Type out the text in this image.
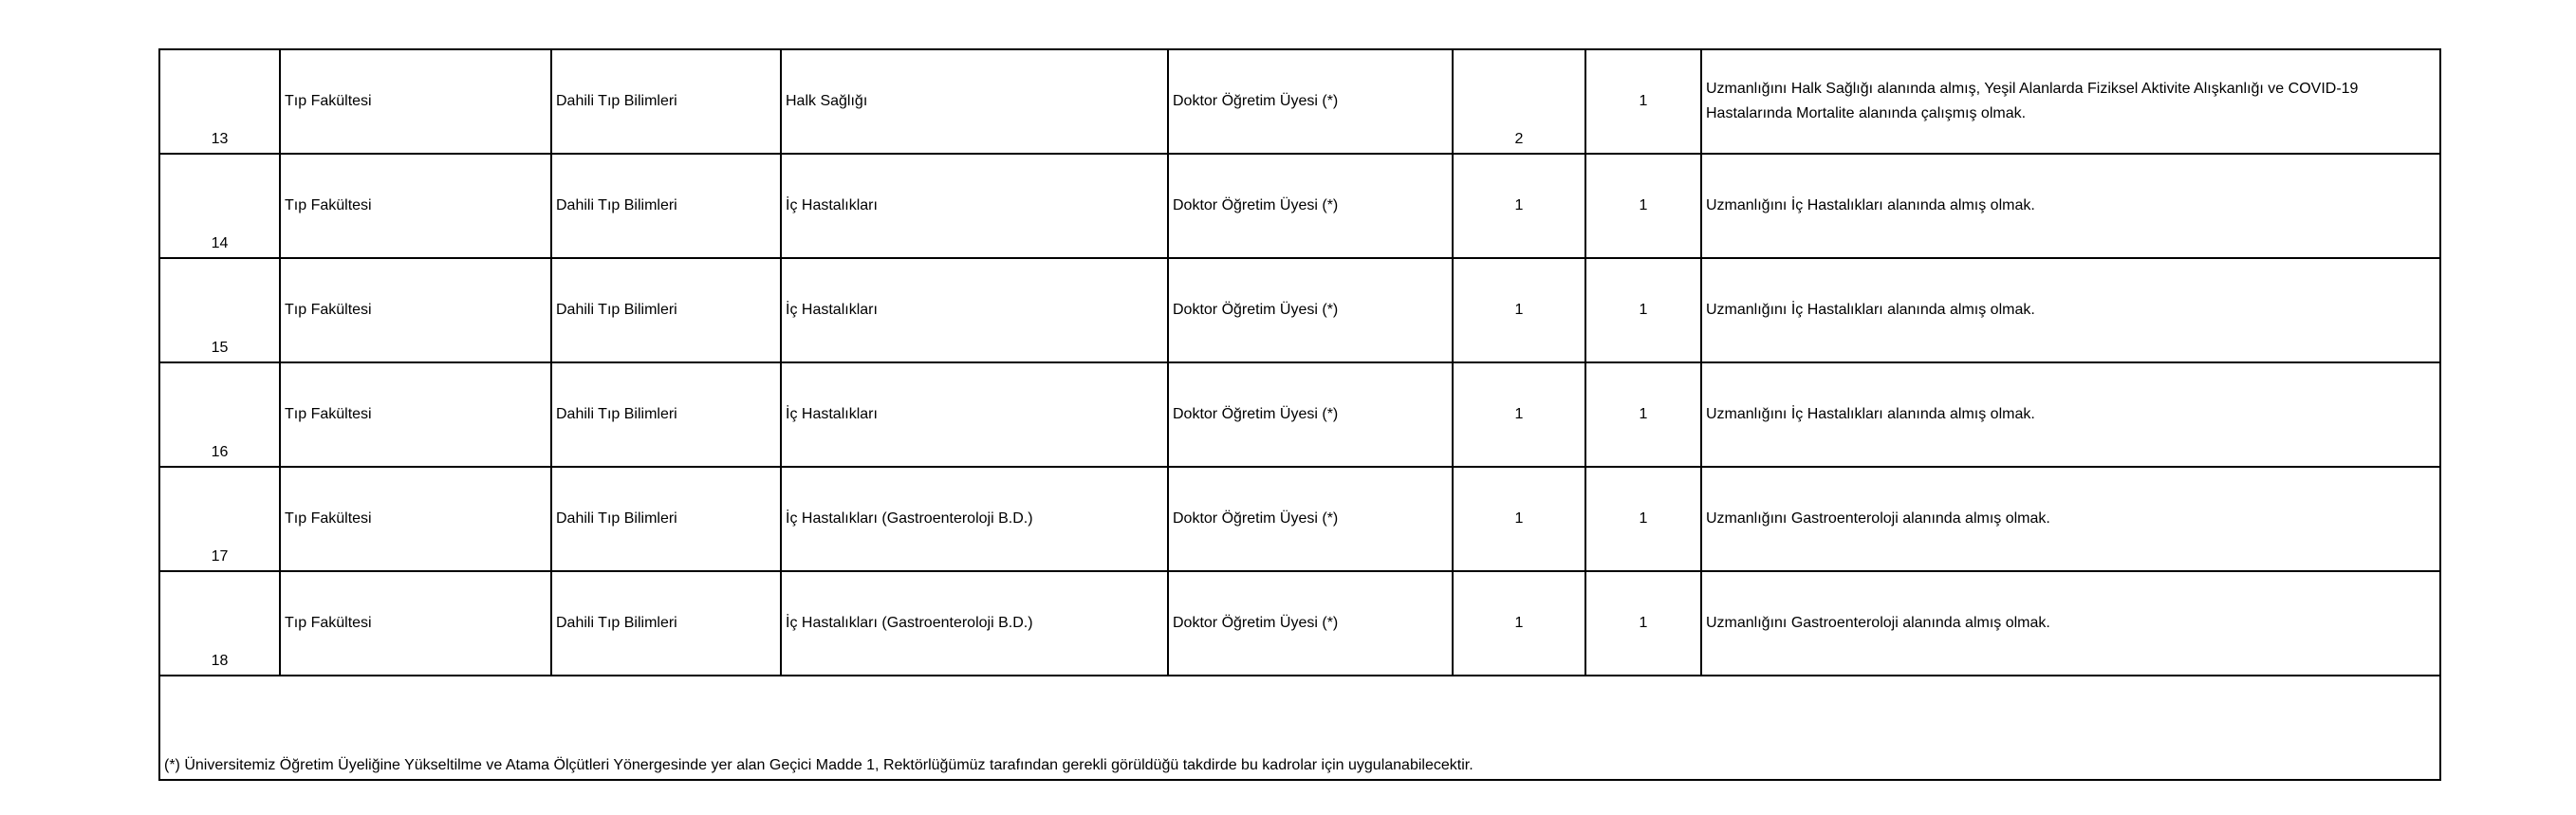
13	Tıp Fakültesi	Dahili Tıp Bilimleri	Halk Sağlığı	Doktor Öğretim Üyesi (*)	2	1	Uzmanlığını Halk Sağlığı alanında almış, Yeşil Alanlarda Fiziksel Aktivite Alışkanlığı ve COVID-19 Hastalarında Mortalite alanında çalışmış olmak.
14	Tıp Fakültesi	Dahili Tıp Bilimleri	İç Hastalıkları	Doktor Öğretim Üyesi (*)	1	1	Uzmanlığını İç Hastalıkları alanında almış olmak.
15	Tıp Fakültesi	Dahili Tıp Bilimleri	İç Hastalıkları	Doktor Öğretim Üyesi (*)	1	1	Uzmanlığını İç Hastalıkları alanında almış olmak.
16	Tıp Fakültesi	Dahili Tıp Bilimleri	İç Hastalıkları	Doktor Öğretim Üyesi (*)	1	1	Uzmanlığını İç Hastalıkları alanında almış olmak.
17	Tıp Fakültesi	Dahili Tıp Bilimleri	İç Hastalıkları (Gastroenteroloji B.D.)	Doktor Öğretim Üyesi (*)	1	1	Uzmanlığını Gastroenteroloji alanında almış olmak.
18	Tıp Fakültesi	Dahili Tıp Bilimleri	İç Hastalıkları (Gastroenteroloji B.D.)	Doktor Öğretim Üyesi (*)	1	1	Uzmanlığını Gastroenteroloji alanında almış olmak.
(*) Üniversitemiz Öğretim Üyeliğine Yükseltilme ve Atama Ölçütleri Yönergesinde yer alan Geçici Madde 1, Rektörlüğümüz tarafından gerekli görüldüğü takdirde bu kadrolar için uygulanabilecektir.							
